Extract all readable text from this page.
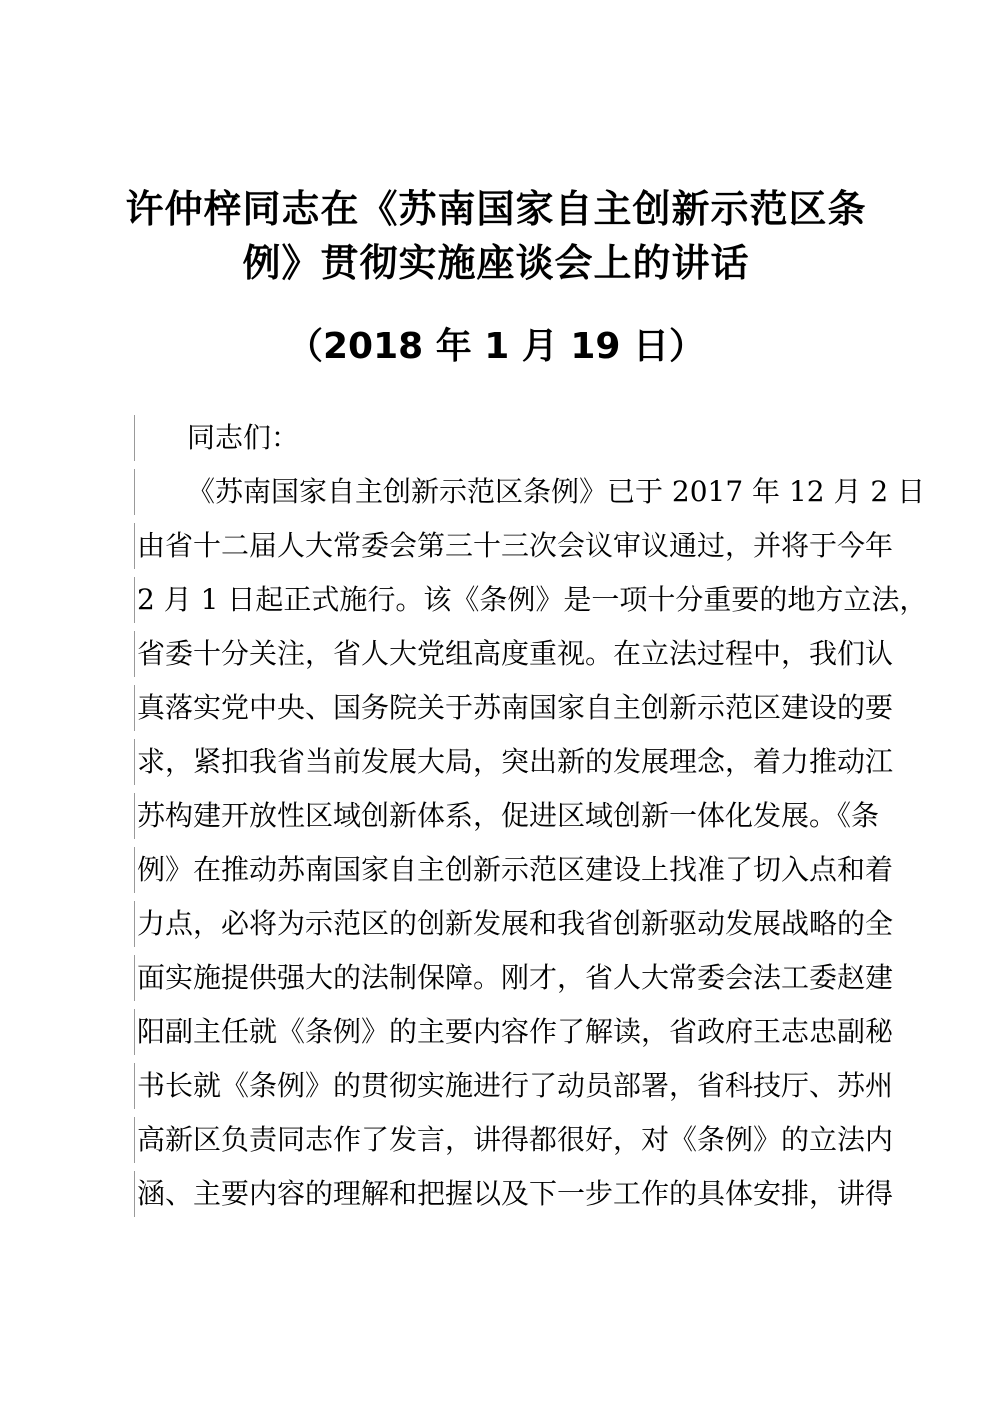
许仲梓同志在《苏南国家自主创新示范区条
例》贯彻实施座谈会上的讲话
（2018 年 1 月 19 日）
同志们：
《苏南国家自主创新示范区条例》已于 2017 年 12 月 2 日
由省十二届人大常委会第三十三次会议审议通过，并将于今年
2 月 1 日起正式施行。该《条例》是一项十分重要的地方立法，
省委十分关注，省人大党组高度重视。在立法过程中，我们认
真落实党中央、国务院关于苏南国家自主创新示范区建设的要
求，紧扣我省当前发展大局，突出新的发展理念，着力推动江
苏构建开放性区域创新体系，促进区域创新一体化发展。《条
例》在推动苏南国家自主创新示范区建设上找准了切入点和着
力点，必将为示范区的创新发展和我省创新驱动发展战略的全
面实施提供强大的法制保障。刚才，省人大常委会法工委赵建
阳副主任就《条例》的主要内容作了解读，省政府王志忠副秘
书长就《条例》的贯彻实施进行了动员部署，省科技厅、苏州
高新区负责同志作了发言，讲得都很好，对《条例》的立法内
涵、主要内容的理解和把握以及下一步工作的具体安排，讲得
